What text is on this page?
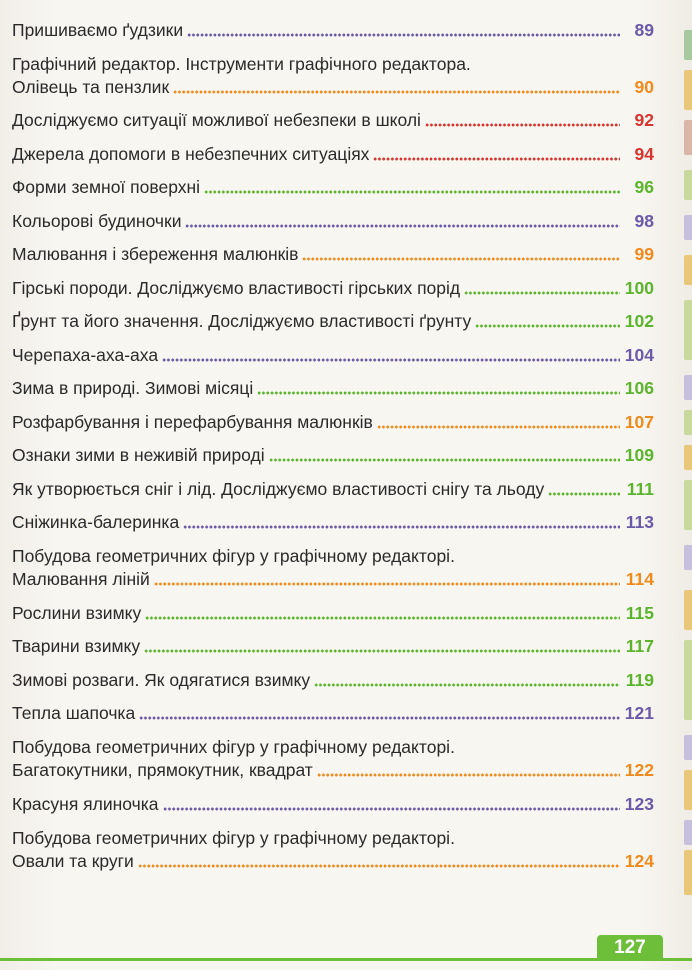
Пришиваємо ґудзики	89
Графічний редактор. Інструменти графічного редактора.
Олівець та пензлик	90
Досліджуємо ситуації можливої небезпеки в школі	92
Джерела допомоги в небезпечних ситуаціях	94
Форми земної поверхні	96
Кольорові будиночки	98
Малювання і збереження малюнків	99
Гірські породи. Досліджуємо властивості гірських порід	100
Ґрунт та його значення. Досліджуємо властивості ґрунту	102
Черепаха-аха-аха	104
Зима в природі. Зимові місяці	106
Розфарбування і перефарбування малюнків	107
Ознаки зими в неживій природі	109
Як утворюється сніг і лід. Досліджуємо властивості снігу та льоду	111
Сніжинка-балеринка	113
Побудова геометричних фігур у графічному редакторі.
Малювання ліній	114
Рослини взимку	115
Тварини взимку	117
Зимові розваги. Як одягатися взимку	119
Тепла шапочка	121
Побудова геометричних фігур у графічному редакторі.
Багатокутники, прямокутник, квадрат	122
Красуня ялиночка	123
Побудова геометричних фігур у графічному редакторі.
Овали та круги	124
127
